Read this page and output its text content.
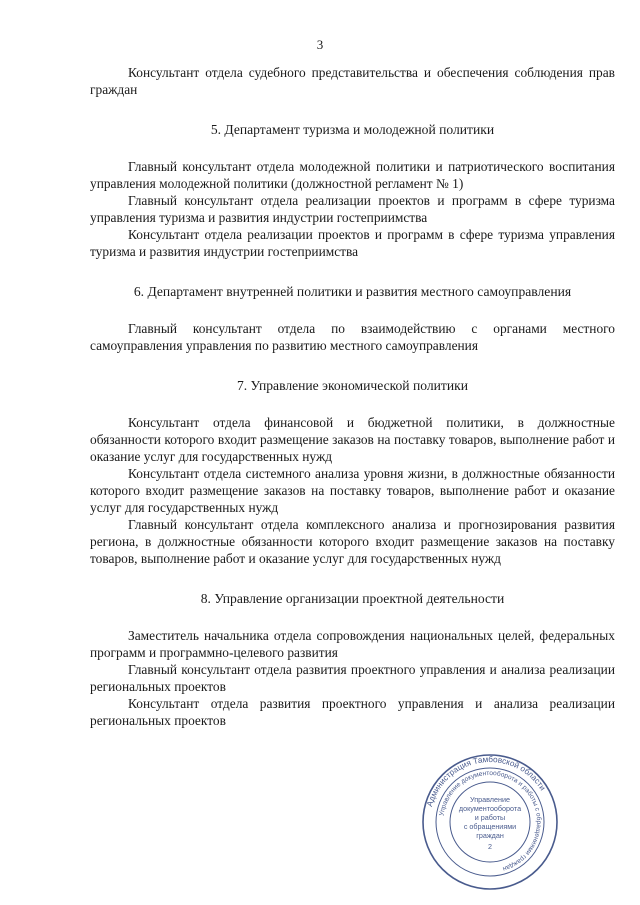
3

Консультант отдела судебного представительства и обеспечения соблюдения прав граждан

5. Департамент туризма и молодежной политики

Главный консультант отдела молодежной политики и патриотического воспитания управления молодежной политики (должностной регламент № 1)

Главный консультант отдела реализации проектов и программ в сфере туризма управления туризма и развития индустрии гостеприимства

Консультант отдела реализации проектов и программ в сфере туризма управления туризма и развития индустрии гостеприимства

6. Департамент внутренней политики и развития местного самоуправления

Главный консультант отдела по взаимодействию с органами местного самоуправления управления по развитию местного самоуправления

7. Управление экономической политики

Консультант отдела финансовой и бюджетной политики, в должностные обязанности которого входит размещение заказов на поставку товаров, выполнение работ и оказание услуг для государственных нужд

Консультант отдела системного анализа уровня жизни, в должностные обязанности которого входит размещение заказов на поставку товаров, выполнение работ и оказание услуг для государственных нужд

Главный консультант отдела комплексного анализа и прогнозирования развития региона, в должностные обязанности которого входит размещение заказов на поставку товаров, выполнение работ и оказание услуг для государственных нужд

8. Управление организации проектной деятельности

Заместитель начальника отдела сопровождения национальных целей, федеральных программ и программно-целевого развития

Главный консультант отдела развития проектного управления и анализа реализации региональных проектов

Консультант отдела развития проектного управления и анализа реализации региональных проектов

Администрация Тамбовской области
Управление документооборота и работы с обращениями граждан
Управление
документооборота
и работы
с обращениями
граждан
2
